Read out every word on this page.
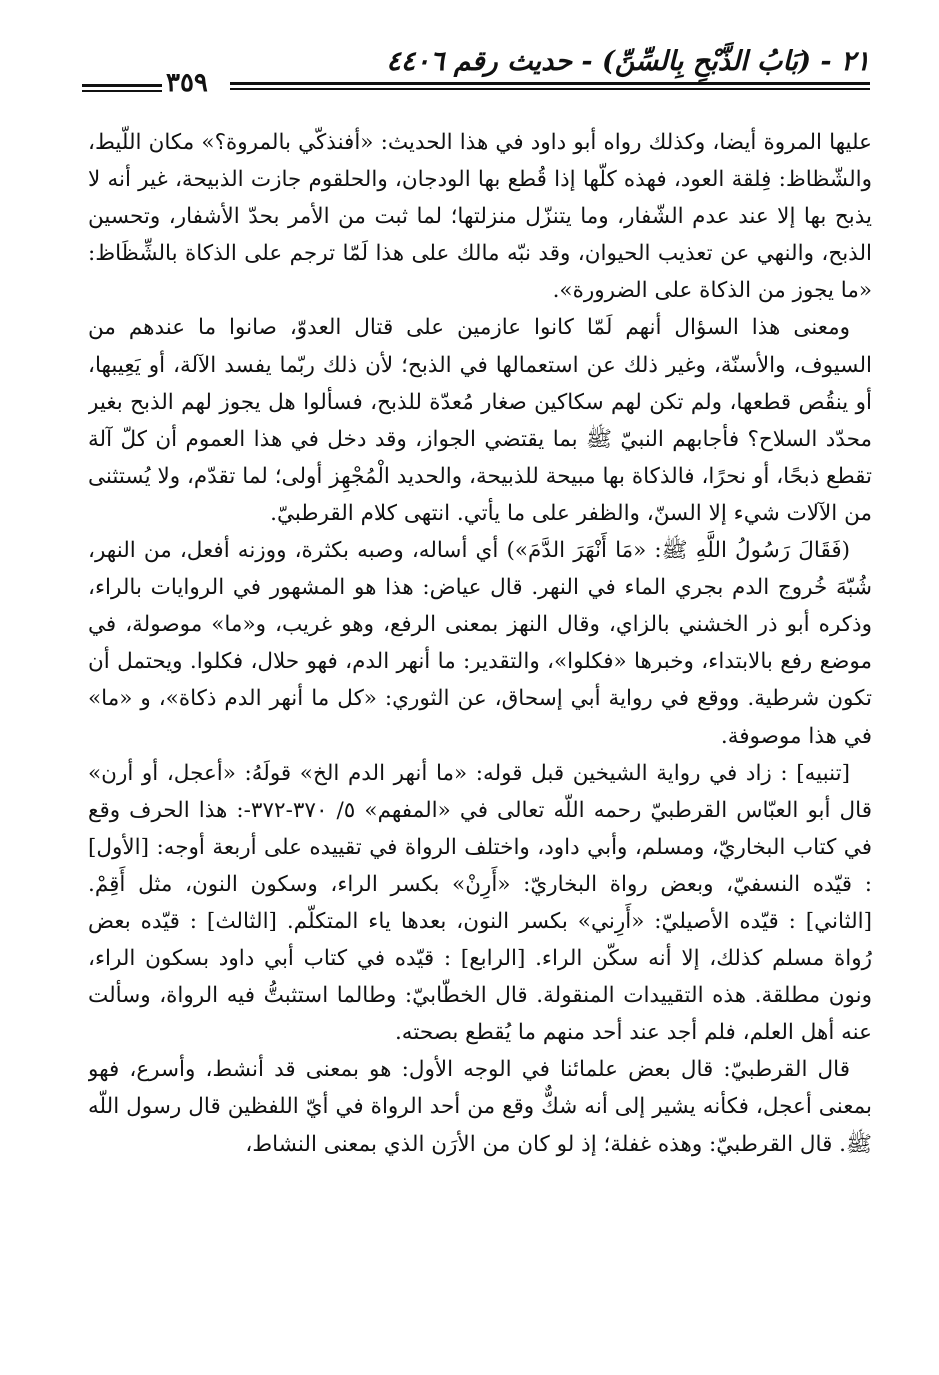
٢١ - (بَابُ الذَّبْحِ بِالسِّنِّ) - حديث رقم ٤٤٠٦
٣٥٩

عليها المروة أيضا، وكذلك رواه أبو داود في هذا الحديث: «أفنذكّي بالمروة؟» مكان اللّيط، والشّظاظ: فِلقة العود، فهذه كلّها إذا قُطع بها الودجان، والحلقوم جازت الذبيحة، غير أنه لا يذبح بها إلا عند عدم الشّفار، وما يتنزّل منزلتها؛ لما ثبت من الأمر بحدّ الأشفار، وتحسين الذبح، والنهي عن تعذيب الحيوان، وقد نبّه مالك على هذا لَمّا ترجم على الذكاة بالشِّظَاظ: «ما يجوز من الذكاة على الضرورة».

ومعنى هذا السؤال أنهم لَمّا كانوا عازمين على قتال العدوّ، صانوا ما عندهم من السيوف، والأسنّة، وغير ذلك عن استعمالها في الذبح؛ لأن ذلك ربّما يفسد الآلة، أو يَعِيبها، أو ينقُص قطعها، ولم تكن لهم سكاكين صغار مُعدّة للذبح، فسألوا هل يجوز لهم الذبح بغير محدّد السلاح؟ فأجابهم النبيّ ﷺ بما يقتضي الجواز، وقد دخل في هذا العموم أن كلّ آلة تقطع ذبحًا، أو نحرًا، فالذكاة بها مبيحة للذبيحة، والحديد الْمُجْهِز أولى؛ لما تقدّم، ولا يُستثنى من الآلات شيء إلا السنّ، والظفر على ما يأتي. انتهى كلام القرطبيّ.

(فَقَالَ رَسُولُ اللَّهِ ﷺ: «مَا أَنْهَرَ الدَّمَ») أي أساله، وصبه بكثرة، ووزنه أفعل، من النهر، شُبّهَ خُروج الدم بجري الماء في النهر. قال عياض: هذا هو المشهور في الروايات بالراء، وذكره أبو ذر الخشني بالزاي، وقال النهز بمعنى الرفع، وهو غريب، و«ما» موصولة، في موضع رفع بالابتداء، وخبرها «فكلوا»، والتقدير: ما أنهر الدم، فهو حلال، فكلوا. ويحتمل أن تكون شرطية. ووقع في رواية أبي إسحاق، عن الثوري: «كل ما أنهر الدم ذكاة»، و «ما» في هذا موصوفة.

[تنبيه] : زاد في رواية الشيخين قبل قوله: «ما أنهر الدم الخ» قولَهُ: «أعجل، أو أرن» قال أبو العبّاس القرطبيّ رحمه اللّه تعالى في «المفهم» ٥/ ٣٧٠-٣٧٢-: هذا الحرف وقع في كتاب البخاريّ، ومسلم، وأبي داود، واختلف الرواة في تقييده على أربعة أوجه: [الأول] : قيّده النسفيّ، وبعض رواة البخاريّ: «أَرِنْ» بكسر الراء، وسكون النون، مثل أَقِمْ. [الثاني] : قيّده الأصيليّ: «أَرِني» بكسر النون، بعدها ياء المتكلّم. [الثالث] : قيّده بعض رُواة مسلم كذلك، إلا أنه سكّن الراء. [الرابع] : قيّده في كتاب أبي داود بسكون الراء، ونون مطلقة. هذه التقييدات المنقولة. قال الخطّابيّ: وطالما استثبتُّ فيه الرواة، وسألت عنه أهل العلم، فلم أجد عند أحد منهم ما يُقطع بصحته.

قال القرطبيّ: قال بعض علمائنا في الوجه الأول: هو بمعنى قد أنشط، وأسرع، فهو بمعنى أعجل، فكأنه يشير إلى أنه شكٌّ وقع من أحد الرواة في أيّ اللفظين قال رسول اللّه ﷺ. قال القرطبيّ: وهذه غفلة؛ إذ لو كان من الأرَن الذي بمعنى النشاط،
